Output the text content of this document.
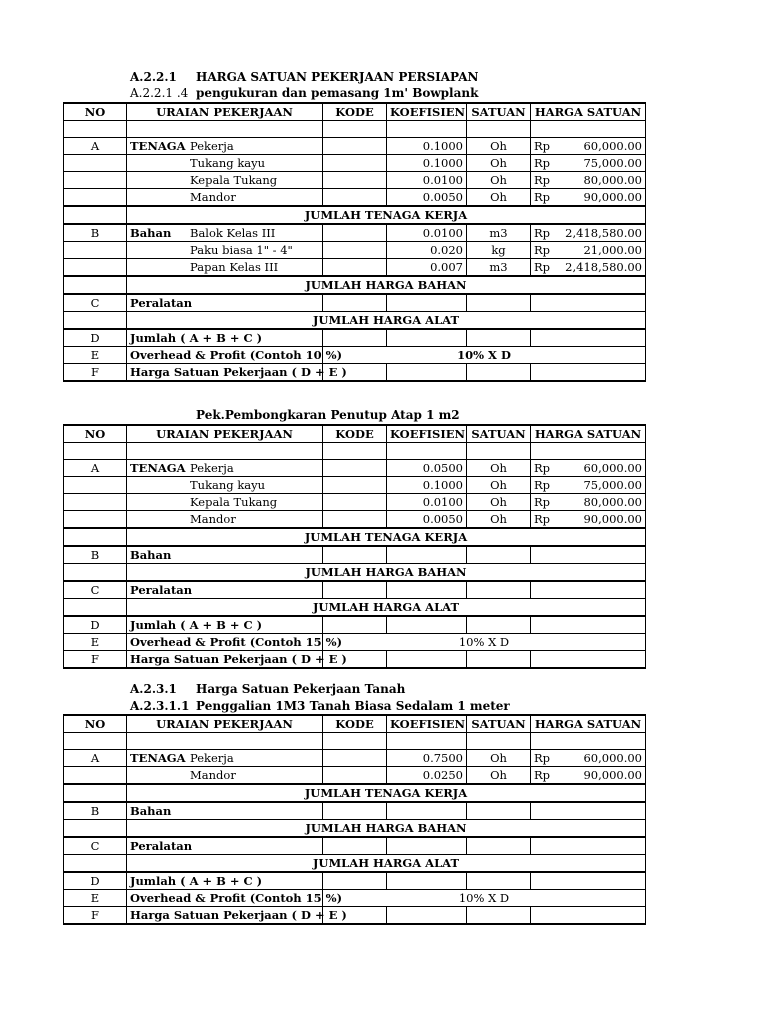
A.2.2.1 HARGA SATUAN PEKERJAAN PERSIAPAN
A.2.2.1 .4 pengukuran dan pemasang 1m' Bowplank
NO	URAIAN PEKERJAAN	KODE	KOEFISIEN	SATUAN	HARGA SATUAN

A	TENAGA Pekerja		0.1000	Oh	Rp 60,000.00

	Tukang kayu		0.1000	Oh	Rp 75,000.00

	Kepala Tukang		0.0100	Oh	Rp 80,000.00

	Mandor		0.0050	Oh	Rp 90,000.00

	JUMLAH TENAGA KERJA				
B	Bahan Balok Kelas III		0.0100	m3	Rp 2,418,580.00

	Paku biasa 1" - 4"		0.020	kg	Rp 21,000.00

	Papan Kelas III		0.007	m3	Rp 2,418,580.00

	JUMLAH HARGA BAHAN				
C	Peralatan				
	JUMLAH HARGA ALAT				
D	Jumlah ( A + B + C )				
E	Overhead & Profit (Contoh 10 %)	10% X D			
F	Harga Satuan Pekerjaan ( D + E )				
Pek.Pembongkaran Penutup Atap 1 m2
NO	URAIAN PEKERJAAN	KODE	KOEFISIEN	SATUAN	HARGA SATUAN

A	TENAGA Pekerja		0.0500	Oh	Rp 60,000.00

	Tukang kayu		0.1000	Oh	Rp 75,000.00

	Kepala Tukang		0.0100	Oh	Rp 80,000.00

	Mandor		0.0050	Oh	Rp 90,000.00

	JUMLAH TENAGA KERJA				
B	Bahan				
	JUMLAH HARGA BAHAN				
C	Peralatan				
	JUMLAH HARGA ALAT				
D	Jumlah ( A + B + C )				
E	Overhead & Profit (Contoh 15 %)	10% X D			
F	Harga Satuan Pekerjaan ( D + E )				
A.2.3.1 Harga Satuan Pekerjaan Tanah
A.2.3.1.1 Penggalian 1M3 Tanah Biasa Sedalam 1 meter
NO	URAIAN PEKERJAAN	KODE	KOEFISIEN	SATUAN	HARGA SATUAN

A	TENAGA Pekerja		0.7500	Oh	Rp 60,000.00

	Mandor		0.0250	Oh	Rp 90,000.00

	JUMLAH TENAGA KERJA				
B	Bahan				
	JUMLAH HARGA BAHAN				
C	Peralatan				
	JUMLAH HARGA ALAT				
D	Jumlah ( A + B + C )				
E	Overhead & Profit (Contoh 15 %)	10% X D			
F	Harga Satuan Pekerjaan ( D + E )				
